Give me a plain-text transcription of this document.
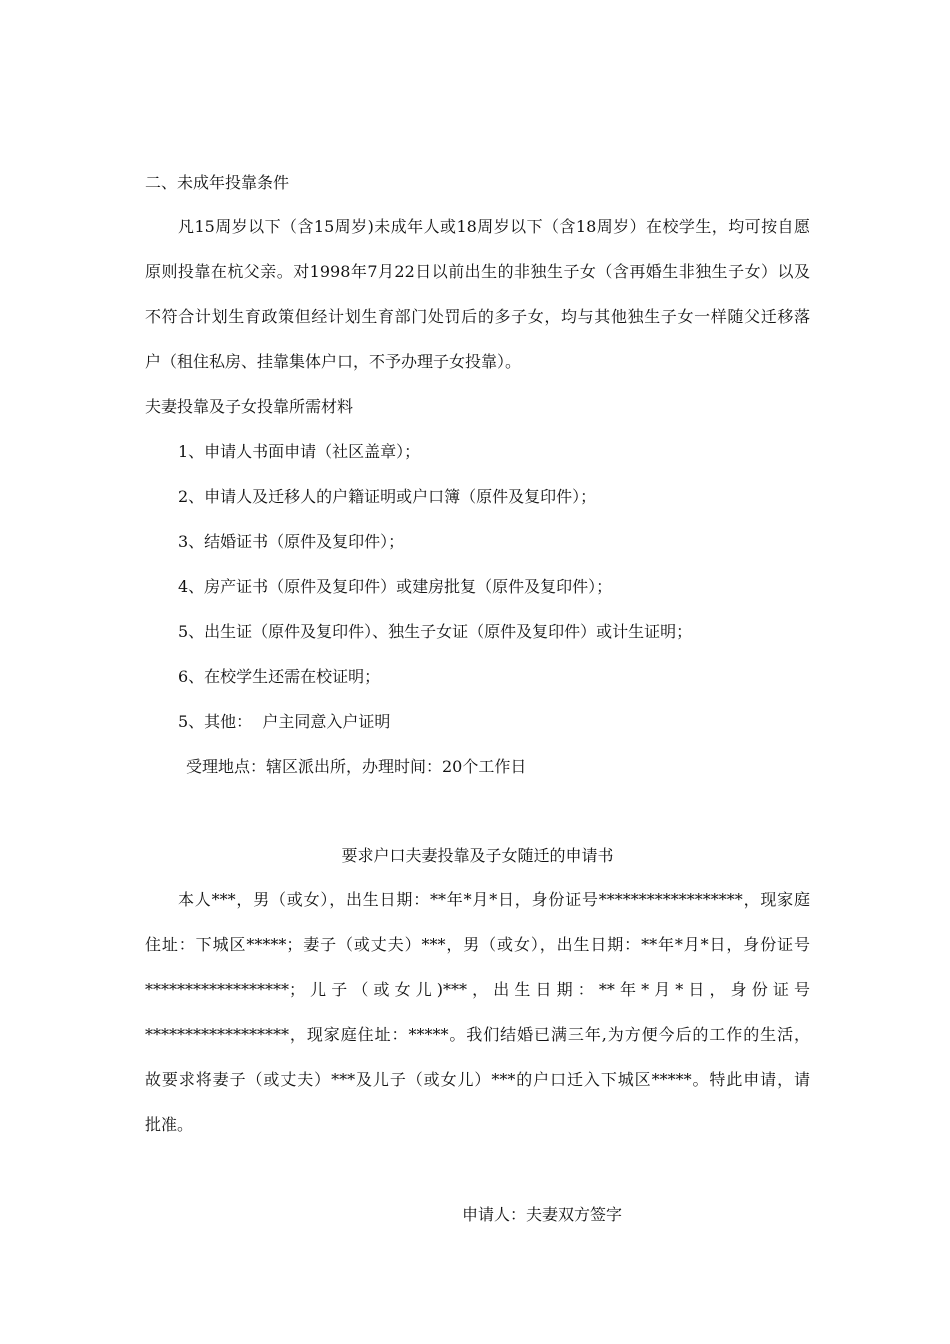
二、未成年投靠条件
凡15周岁以下（含15周岁)未成年人或18周岁以下（含18周岁）在校学生，均可按自愿
原则投靠在杭父亲。对1998年7月22日以前出生的非独生子女（含再婚生非独生子女）以及
不符合计划生育政策但经计划生育部门处罚后的多子女，均与其他独生子女一样随父迁移落
户（租住私房、挂靠集体户口，不予办理子女投靠）。
夫妻投靠及子女投靠所需材料
1、申请人书面申请（社区盖章）；
2、申请人及迁移人的户籍证明或户口簿（原件及复印件）；
3、结婚证书（原件及复印件）；
4、房产证书（原件及复印件）或建房批复（原件及复印件）；
5、出生证（原件及复印件）、独生子女证（原件及复印件）或计生证明；
6、在校学生还需在校证明；
5、其他：  户主同意入户证明
受理地点：辖区派出所，办理时间：20个工作日
要求户口夫妻投靠及子女随迁的申请书
本人***，男（或女），出生日期：**年*月*日，身份证号******************，现家庭
住址：下城区*****；妻子（或丈夫）***，男（或女），出生日期：**年*月*日，身份证号
******************；儿子（或女儿)***，出生日期：**年*月*日，身份证号
******************，现家庭住址：*****。我们结婚已满三年,为方便今后的工作的生活，
故要求将妻子（或丈夫）***及儿子（或女儿）***的户口迁入下城区*****。特此申请，请
批准。
申请人：夫妻双方签字
